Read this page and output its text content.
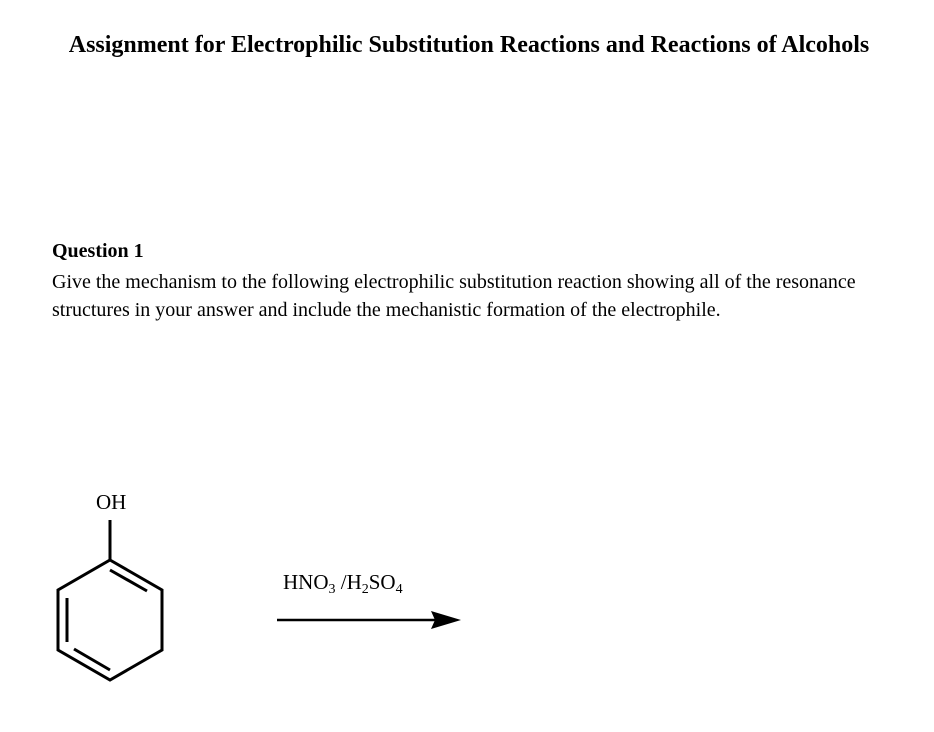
Assignment for Electrophilic Substitution Reactions and Reactions of Alcohols
Question 1
Give the mechanism to the following electrophilic substitution reaction showing all of the resonance structures in your answer and include the mechanistic formation of the electrophile.
OH
$HNO_3$ $/H_2SO_4$
